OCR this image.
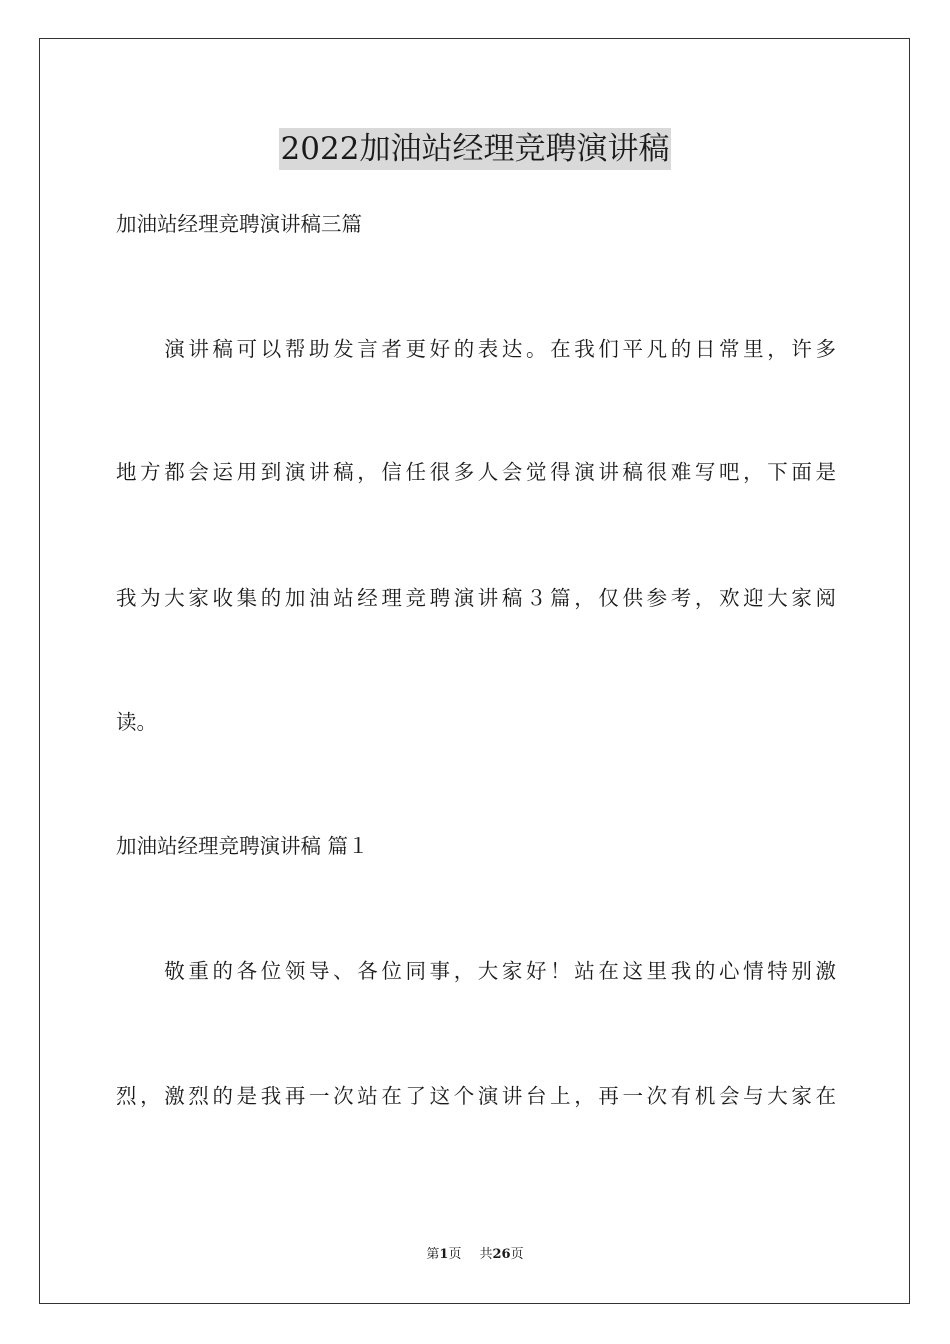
2022加油站经理竞聘演讲稿
加油站经理竞聘演讲稿三篇
　　演讲稿可以帮助发言者更好的表达。在我们平凡的日常里，许多
地方都会运用到演讲稿，信任很多人会觉得演讲稿很难写吧，下面是
我为大家收集的加油站经理竞聘演讲稿３篇，仅供参考，欢迎大家阅
读。
加油站经理竞聘演讲稿 篇１
　　敬重的各位领导、各位同事，大家好！站在这里我的心情特别激
烈，激烈的是我再一次站在了这个演讲台上，再一次有机会与大家在
第1页 共26页
